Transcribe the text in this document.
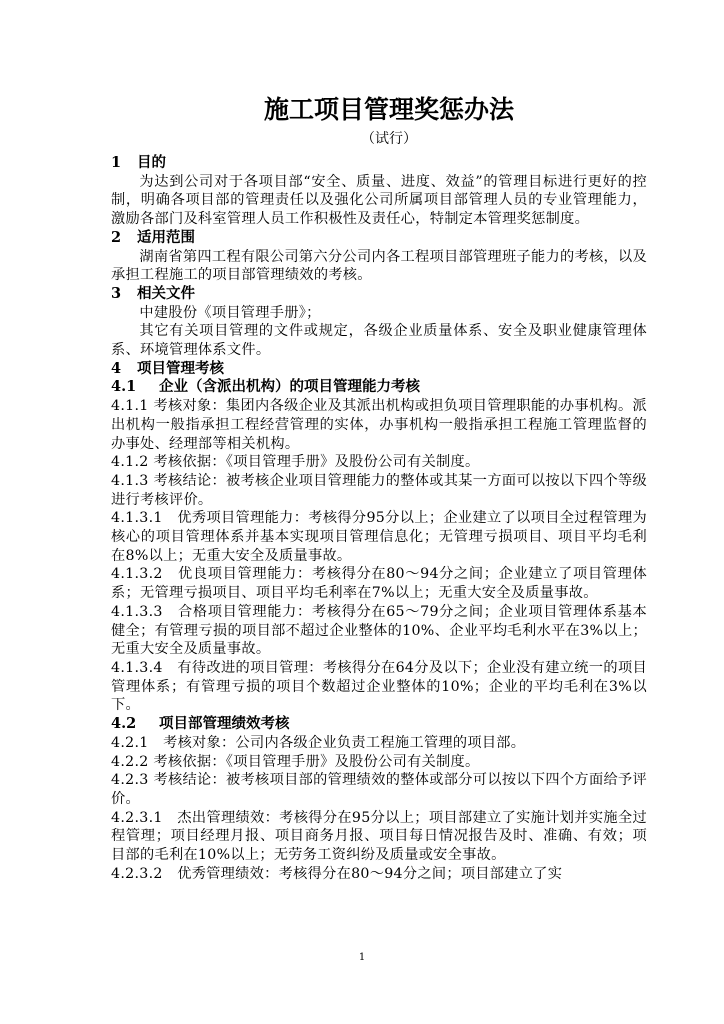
施工项目管理奖惩办法
（试行）
1 目的
为达到公司对于各项目部“安全、质量、进度、效益”的管理目标进行更好的控制，明确各项目部的管理责任以及强化公司所属项目部管理人员的专业管理能力，激励各部门及科室管理人员工作积极性及责任心，特制定本管理奖惩制度。
2 适用范围
湖南省第四工程有限公司第六分公司内各工程项目部管理班子能力的考核，以及承担工程施工的项目部管理绩效的考核。
3 相关文件
中建股份《项目管理手册》；
其它有关项目管理的文件或规定，各级企业质量体系、安全及职业健康管理体系、环境管理体系文件。
4 项目管理考核
4.1 企业（含派出机构）的项目管理能力考核
4.1.1 考核对象：集团内各级企业及其派出机构或担负项目管理职能的办事机构。派出机构一般指承担工程经营管理的实体，办事机构一般指承担工程施工管理监督的办事处、经理部等相关机构。
4.1.2 考核依据：《项目管理手册》及股份公司有关制度。
4.1.3 考核结论：被考核企业项目管理能力的整体或其某一方面可以按以下四个等级进行考核评价。
4.1.3.1　优秀项目管理能力：考核得分95分以上；企业建立了以项目全过程管理为核心的项目管理体系并基本实现项目管理信息化；无管理亏损项目、项目平均毛利在8%以上；无重大安全及质量事故。
4.1.3.2　优良项目管理能力：考核得分在80～94分之间；企业建立了项目管理体系；无管理亏损项目、项目平均毛利率在7%以上；无重大安全及质量事故。
4.1.3.3　合格项目管理能力：考核得分在65～79分之间；企业项目管理体系基本健全；有管理亏损的项目部不超过企业整体的10%、企业平均毛利水平在3%以上；无重大安全及质量事故。
4.1.3.4　有待改进的项目管理：考核得分在64分及以下；企业没有建立统一的项目管理体系；有管理亏损的项目个数超过企业整体的10%；企业的平均毛利在3%以下。
4.2 项目部管理绩效考核
4.2.1　考核对象：公司内各级企业负责工程施工管理的项目部。
4.2.2 考核依据：《项目管理手册》及股份公司有关制度。
4.2.3 考核结论：被考核项目部的管理绩效的整体或部分可以按以下四个方面给予评价。
4.2.3.1　杰出管理绩效：考核得分在95分以上；项目部建立了实施计划并实施全过程管理；项目经理月报、项目商务月报、项目每日情况报告及时、准确、有效；项目部的毛利在10%以上；无劳务工资纠纷及质量或安全事故。
4.2.3.2　优秀管理绩效：考核得分在80～94分之间；项目部建立了实
1
